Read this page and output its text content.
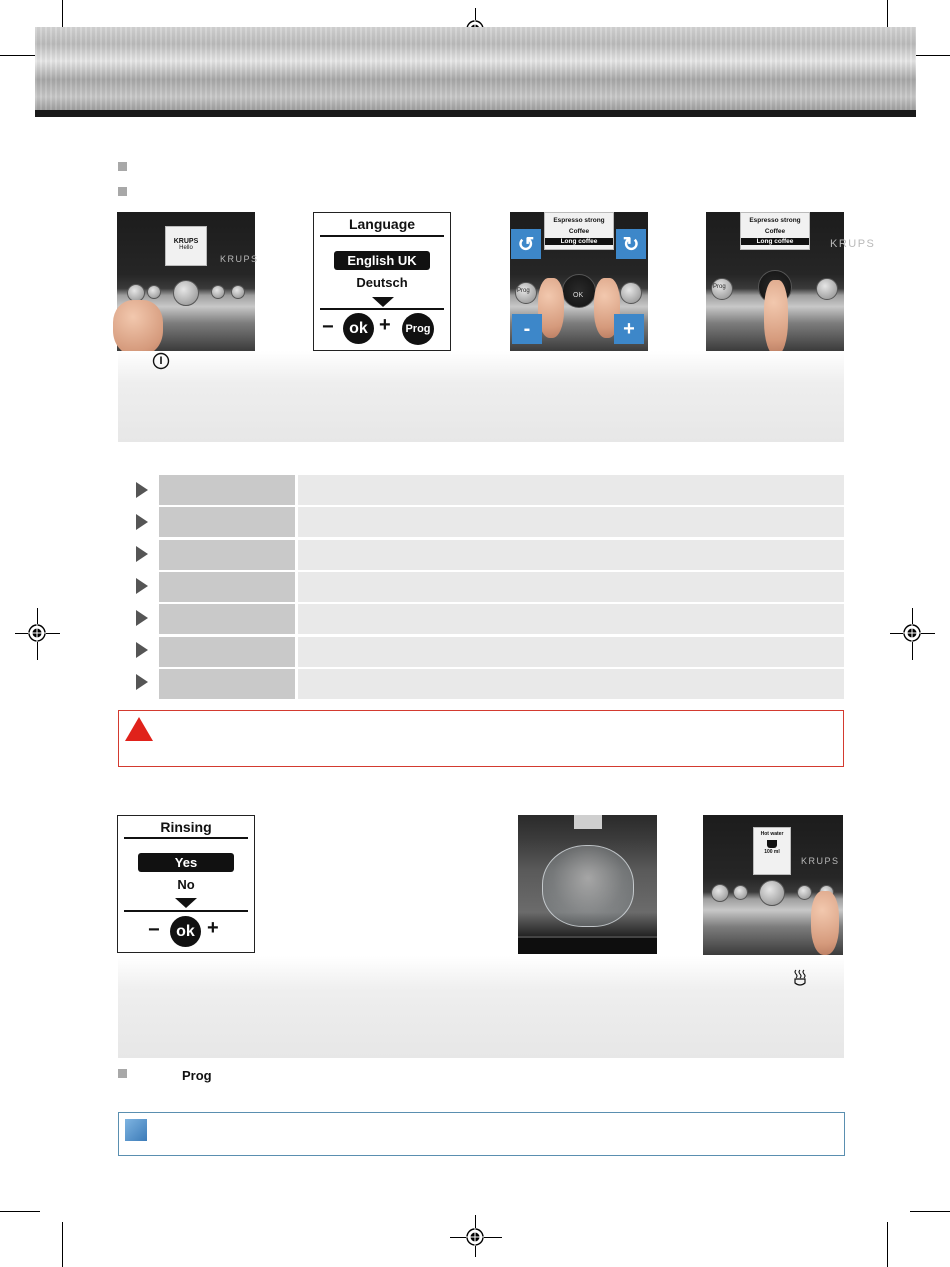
KRUPS
Hello
KRUPS
Language
English UK
Deutsch
− ok +	Prog
Espresso strong
Coffee
Long coffee
↺	↻
Prog
OK
-	+
Espresso strong
Coffee
Long coffee	KRUPS
Prog
Rinsing
Yes
No
−	ok +
Hot water
100 ml
KRUPS
Prog
